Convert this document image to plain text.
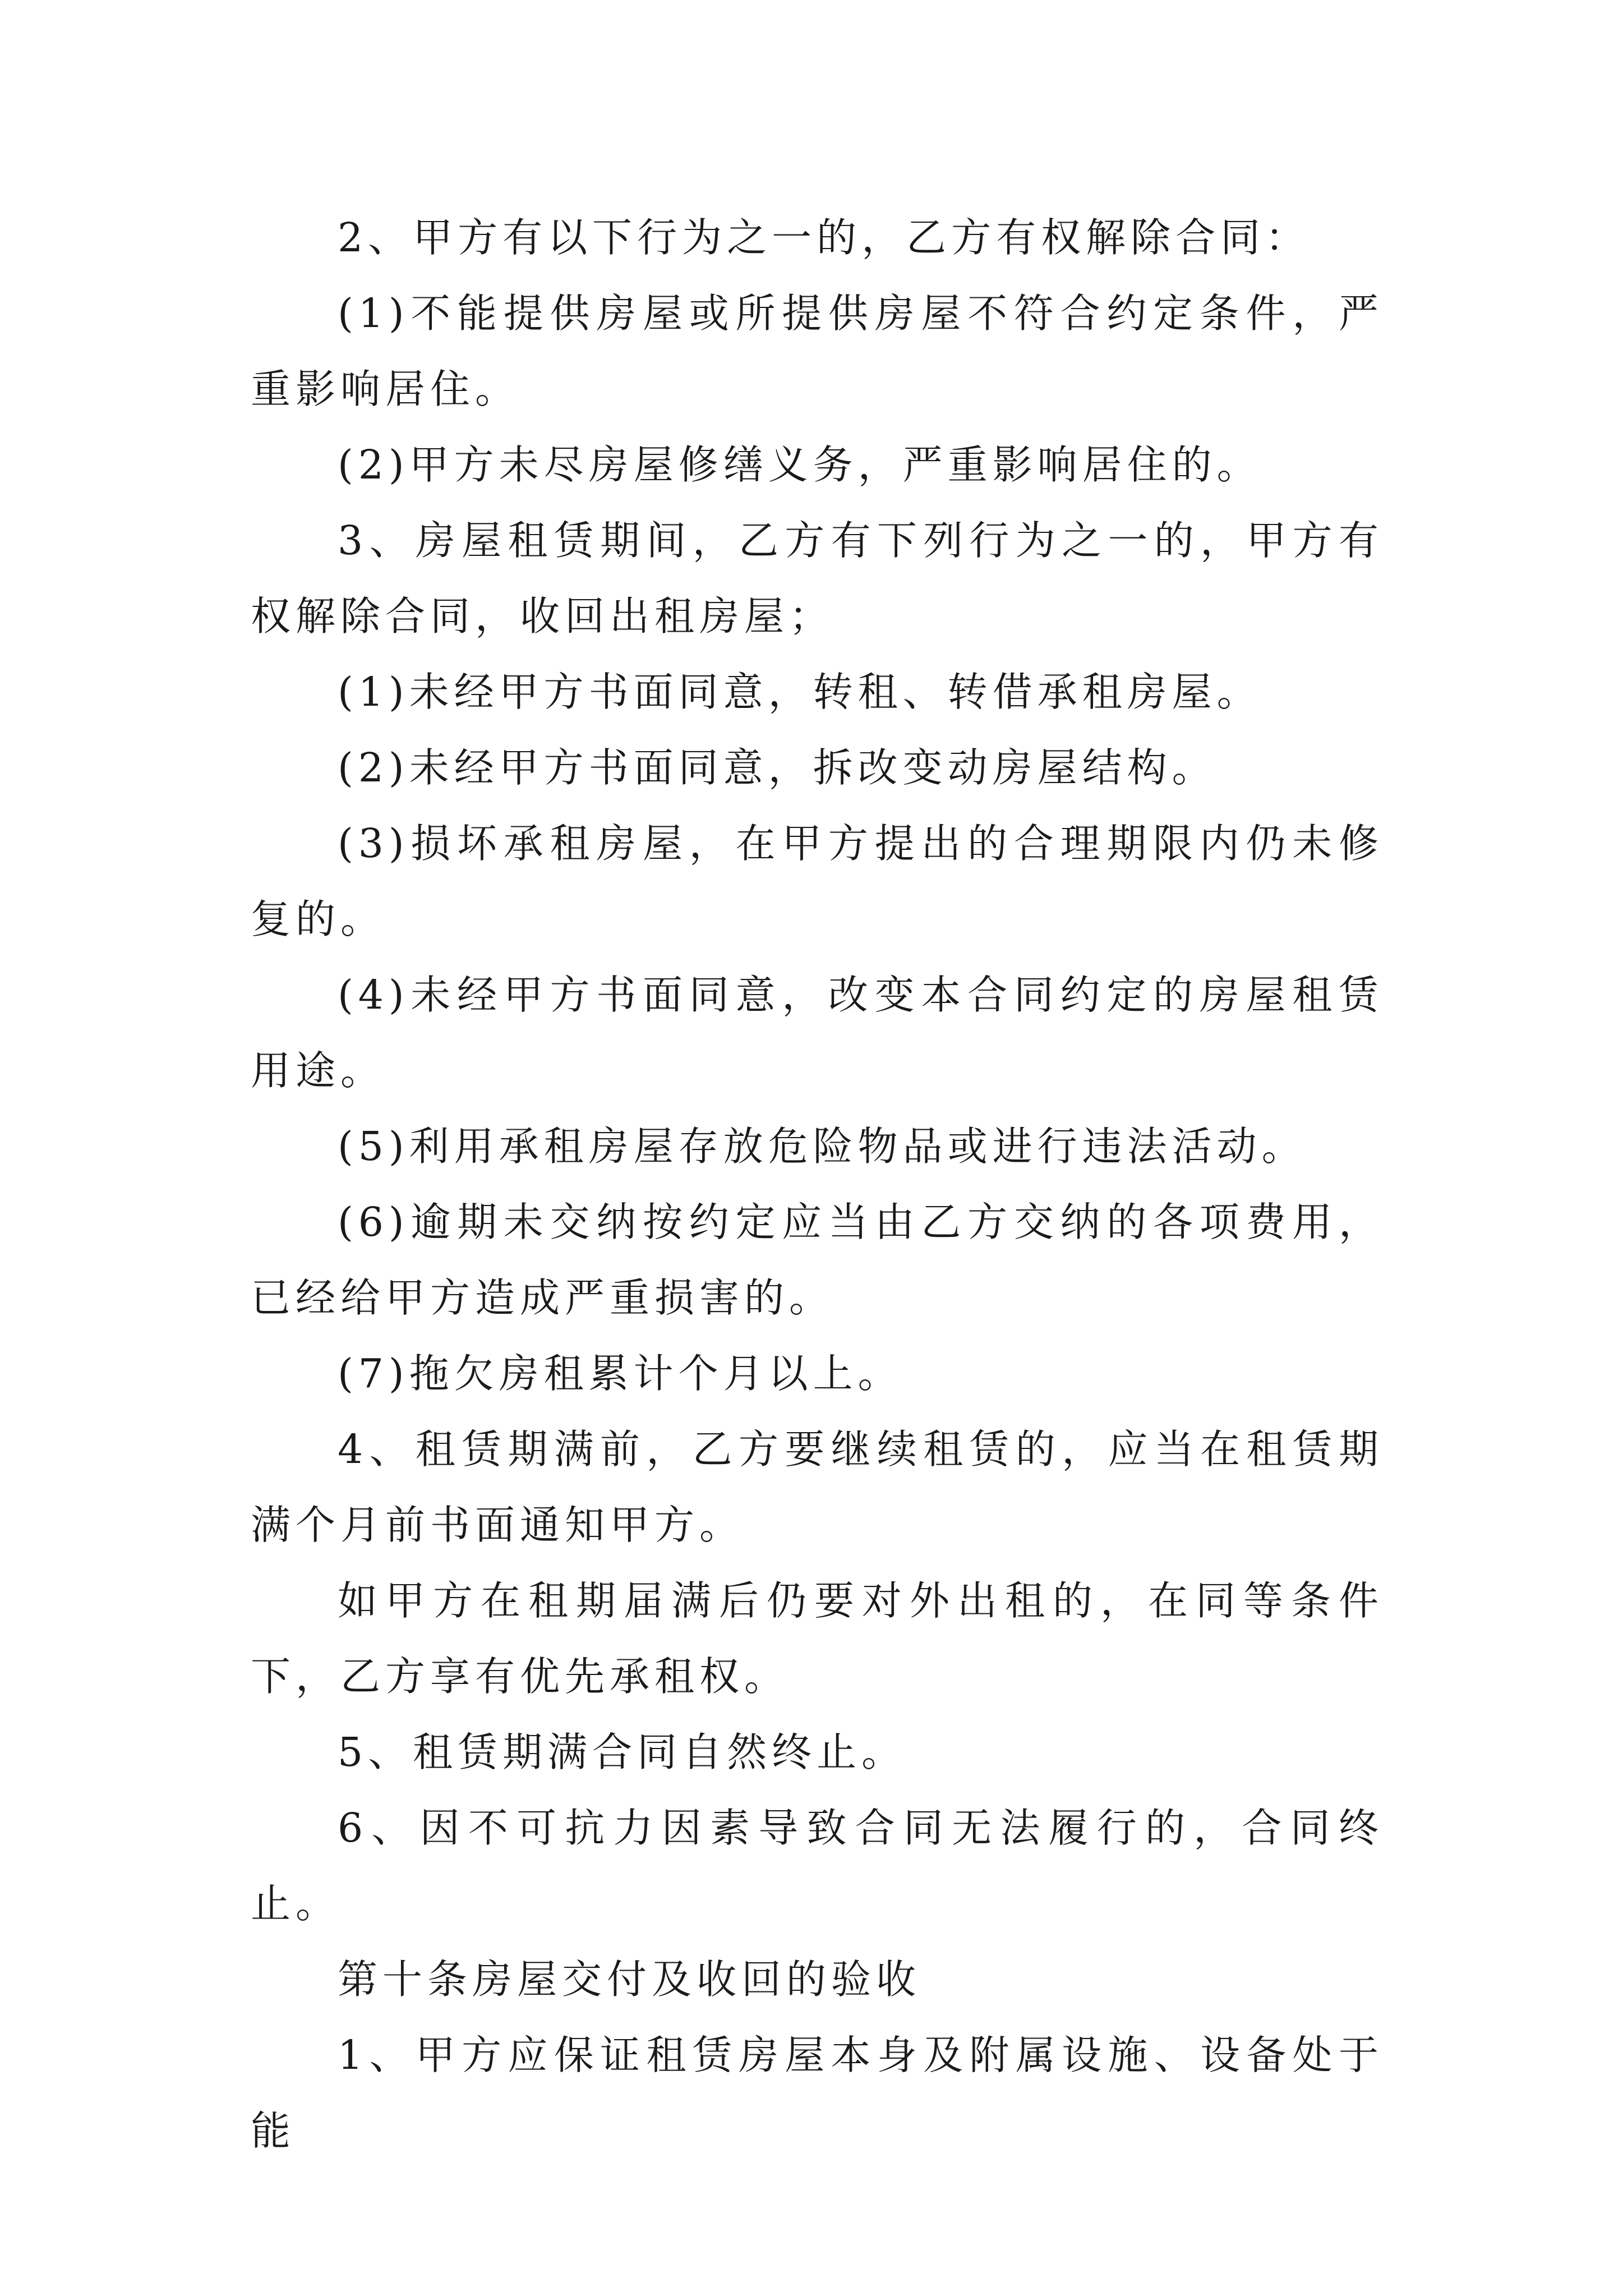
2、甲方有以下行为之一的，乙方有权解除合同：

(1)不能提供房屋或所提供房屋不符合约定条件，严重影响居住。

(2)甲方未尽房屋修缮义务，严重影响居住的。

3、房屋租赁期间，乙方有下列行为之一的，甲方有权解除合同，收回出租房屋；

(1)未经甲方书面同意，转租、转借承租房屋。

(2)未经甲方书面同意，拆改变动房屋结构。

(3)损坏承租房屋，在甲方提出的合理期限内仍未修复的。

(4)未经甲方书面同意，改变本合同约定的房屋租赁用途。

(5)利用承租房屋存放危险物品或进行违法活动。

(6)逾期未交纳按约定应当由乙方交纳的各项费用，已经给甲方造成严重损害的。

(7)拖欠房租累计个月以上。

4、租赁期满前，乙方要继续租赁的，应当在租赁期满个月前书面通知甲方。

如甲方在租期届满后仍要对外出租的，在同等条件下，乙方享有优先承租权。

5、租赁期满合同自然终止。

6、因不可抗力因素导致合同无法履行的，合同终止。

第十条房屋交付及收回的验收

1、甲方应保证租赁房屋本身及附属设施、设备处于能
